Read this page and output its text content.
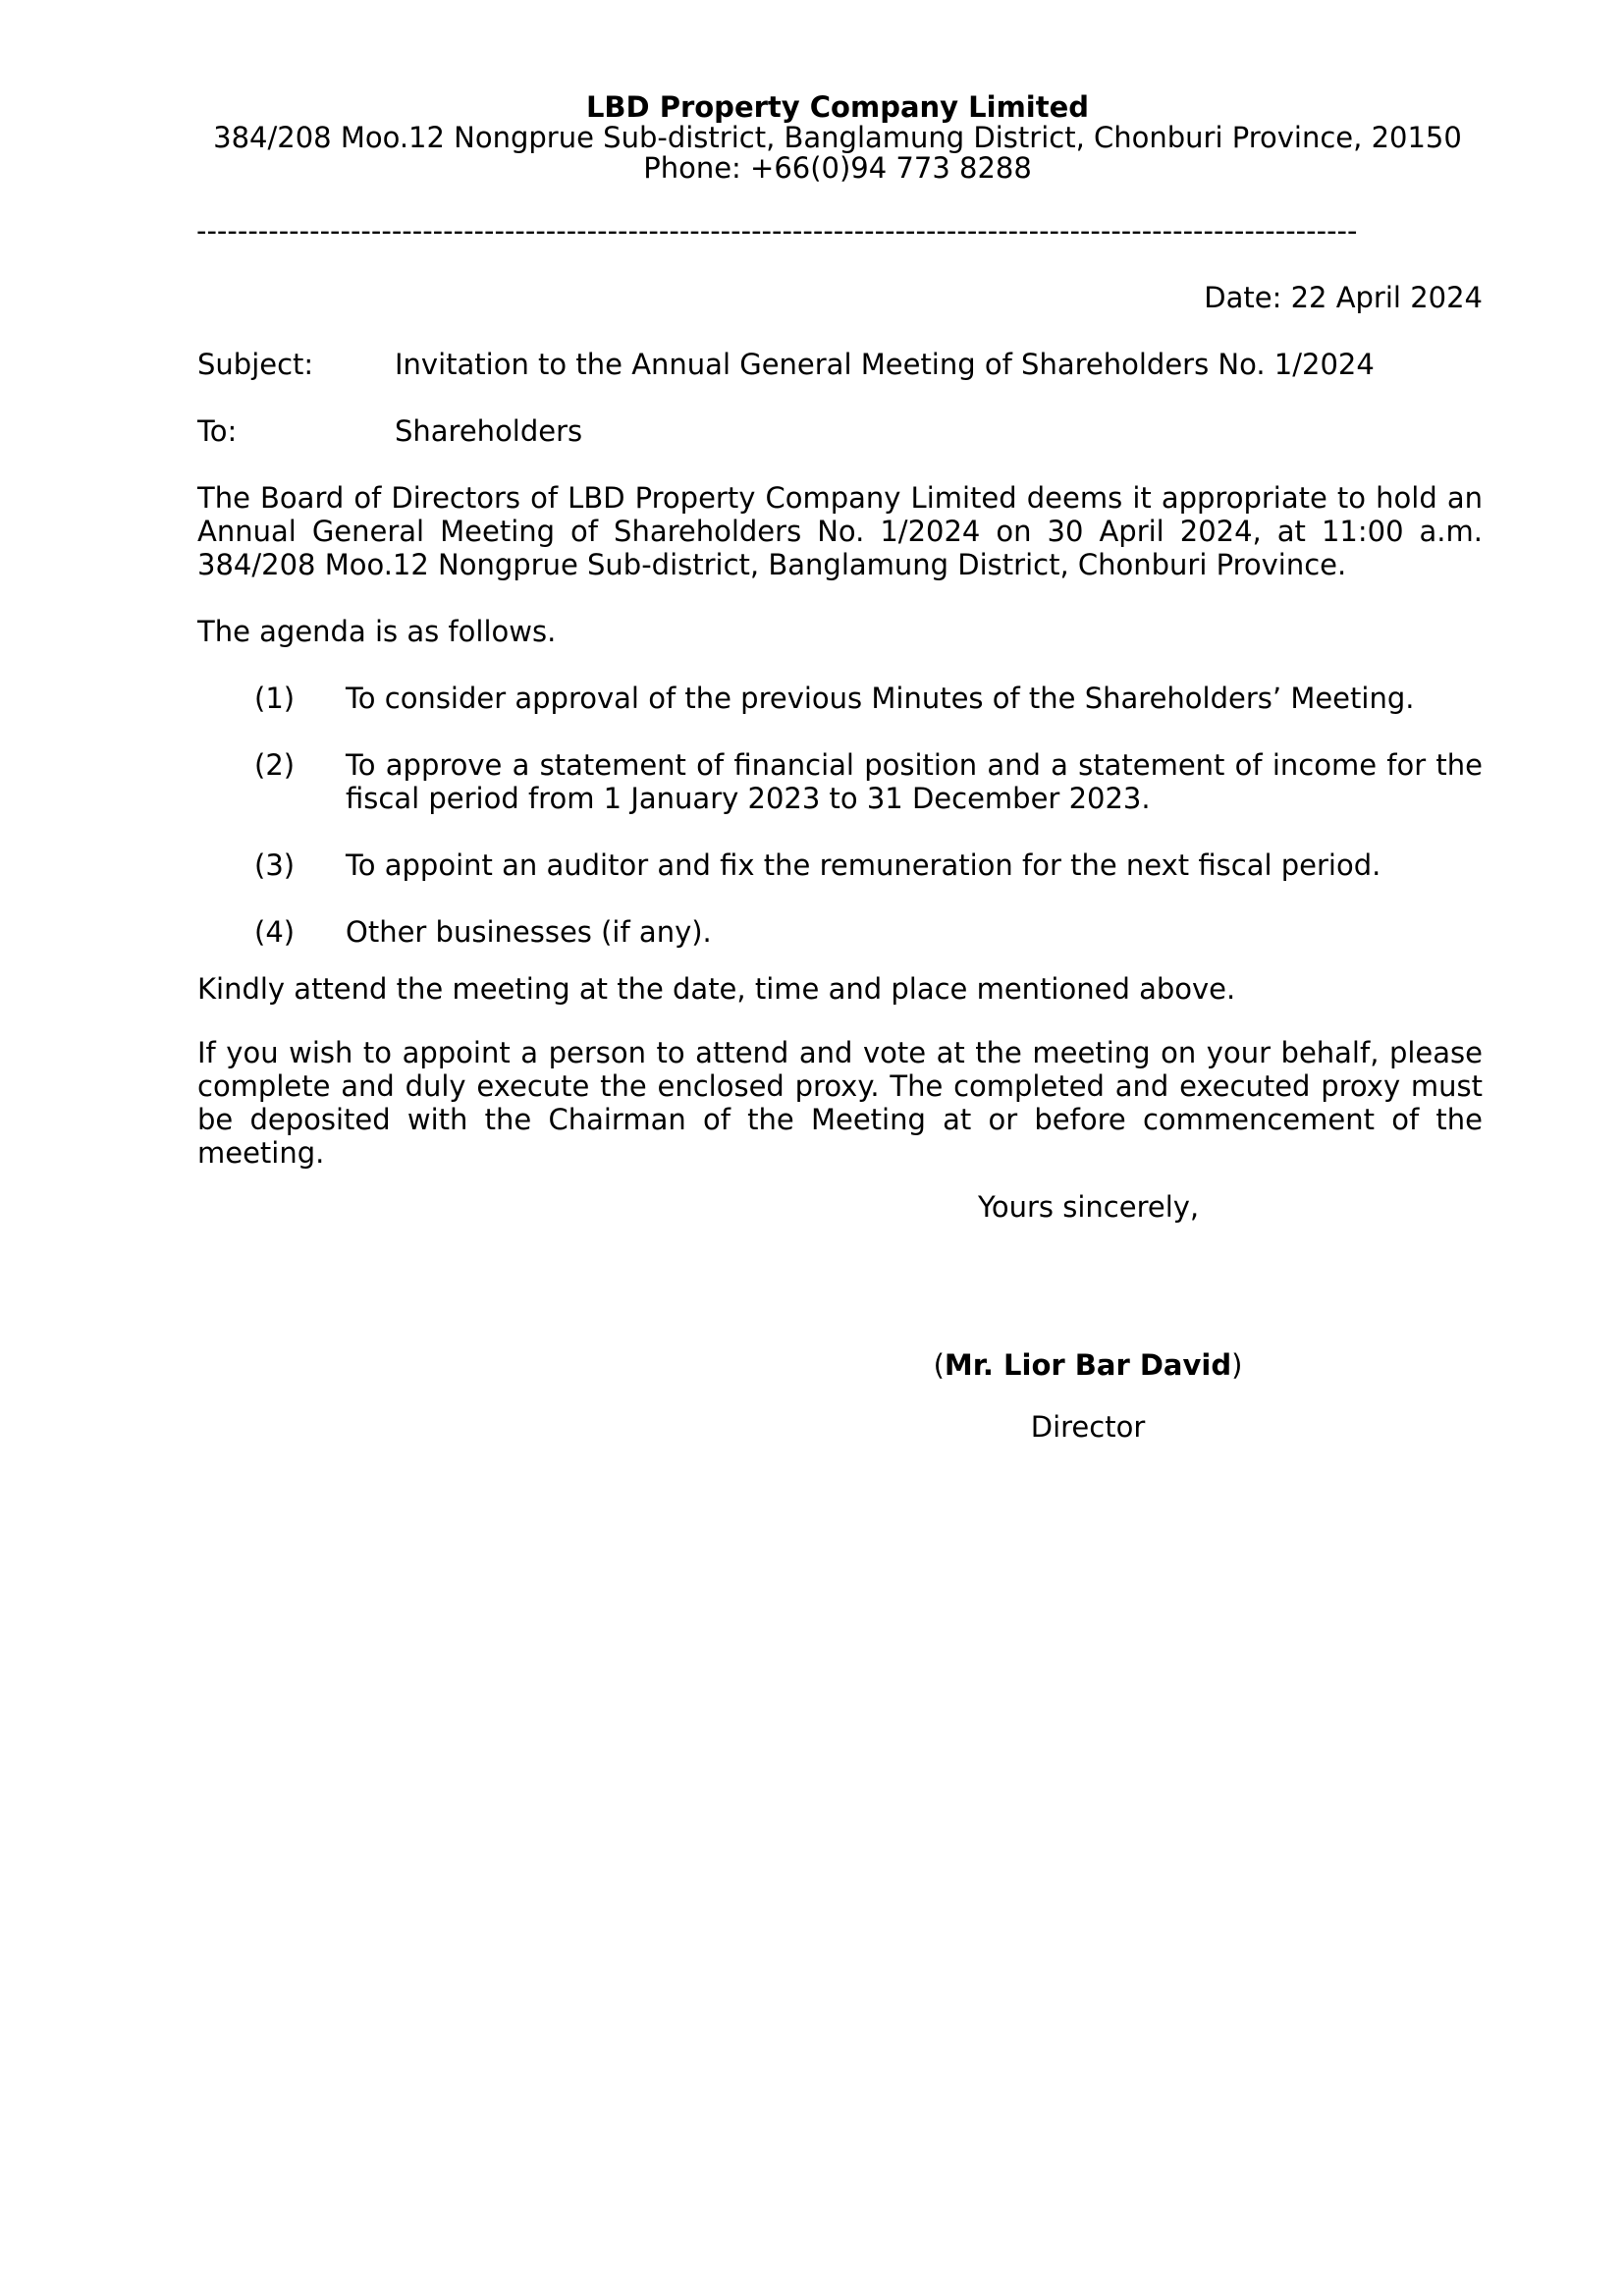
LBD Property Company Limited
384/208 Moo.12 Nongprue Sub-district, Banglamung District, Chonburi Province, 20150
Phone: +66(0)94 773 8288
-----------------------------------------------------------------------------------------------------------------
Date: 22 April 2024
Subject:	Invitation to the Annual General Meeting of Shareholders No. 1/2024
To:	Shareholders
The Board of Directors of LBD Property Company Limited deems it appropriate to hold an Annual General Meeting of Shareholders No. 1/2024 on 30 April 2024, at 11:00 a.m. 384/208 Moo.12 Nongprue Sub-district, Banglamung District, Chonburi Province.
The agenda is as follows.
(1) To consider approval of the previous Minutes of the Shareholders’ Meeting.
(2) To approve a statement of financial position and a statement of income for the fiscal period from 1 January 2023 to 31 December 2023.
(3) To appoint an auditor and fix the remuneration for the next fiscal period.
(4) Other businesses (if any).
Kindly attend the meeting at the date, time and place mentioned above.
If you wish to appoint a person to attend and vote at the meeting on your behalf, please complete and duly execute the enclosed proxy. The completed and executed proxy must be deposited with the Chairman of the Meeting at or before commencement of the meeting.
Yours sincerely,
(Mr. Lior Bar David)
Director
